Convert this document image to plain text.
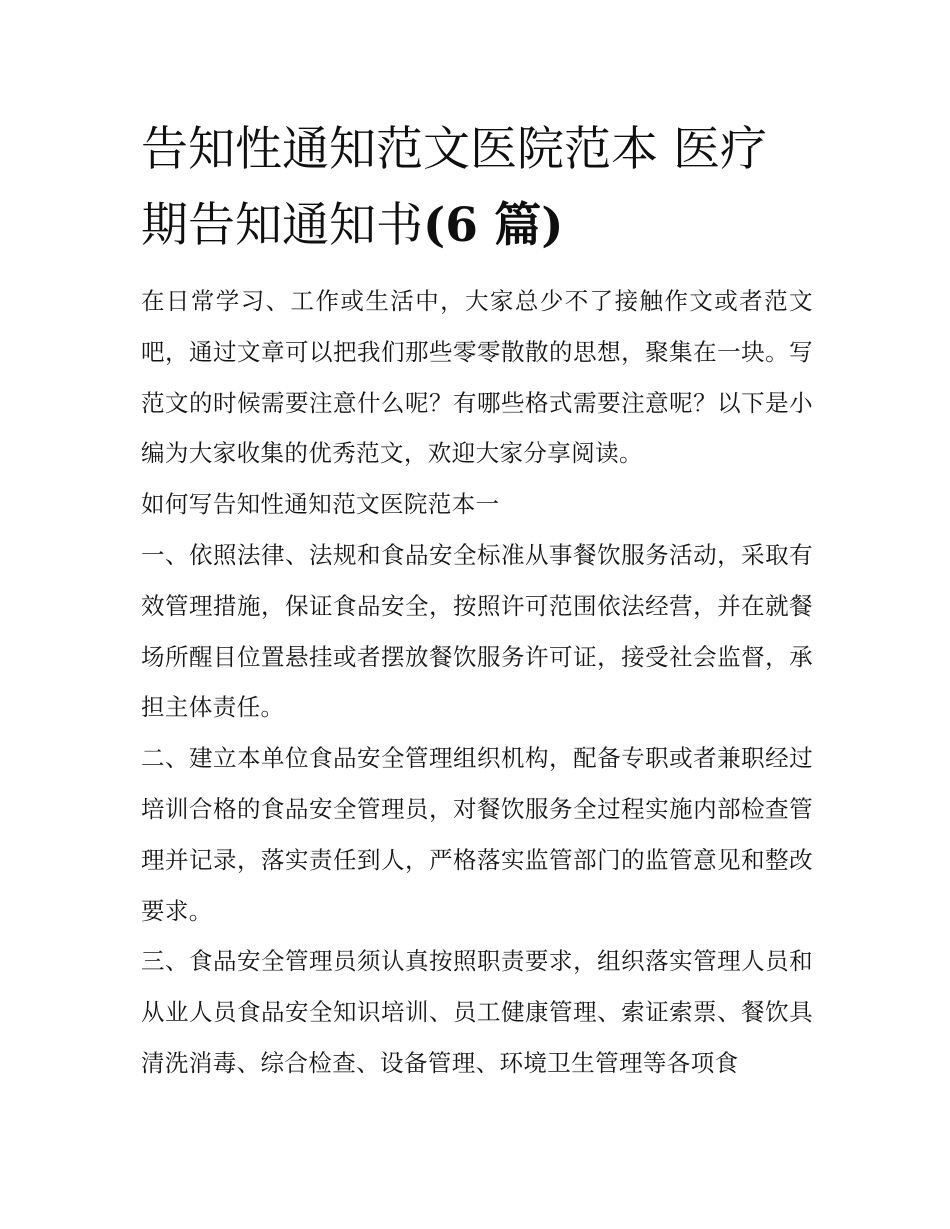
告知性通知范文医院范本 医疗期告知通知书(6 篇)

在日常学习、工作或生活中，大家总少不了接触作文或者范文吧，通过文章可以把我们那些零零散散的思想，聚集在一块。写范文的时候需要注意什么呢？有哪些格式需要注意呢？以下是小编为大家收集的优秀范文，欢迎大家分享阅读。

如何写告知性通知范文医院范本一

一、依照法律、法规和食品安全标准从事餐饮服务活动，采取有效管理措施，保证食品安全，按照许可范围依法经营，并在就餐场所醒目位置悬挂或者摆放餐饮服务许可证，接受社会监督，承担主体责任。

二、建立本单位食品安全管理组织机构，配备专职或者兼职经过培训合格的食品安全管理员，对餐饮服务全过程实施内部检查管理并记录，落实责任到人，严格落实监管部门的监管意见和整改要求。

三、食品安全管理员须认真按照职责要求，组织落实管理人员和从业人员食品安全知识培训、员工健康管理、索证索票、餐饮具清洗消毒、综合检查、设备管理、环境卫生管理等各项食
